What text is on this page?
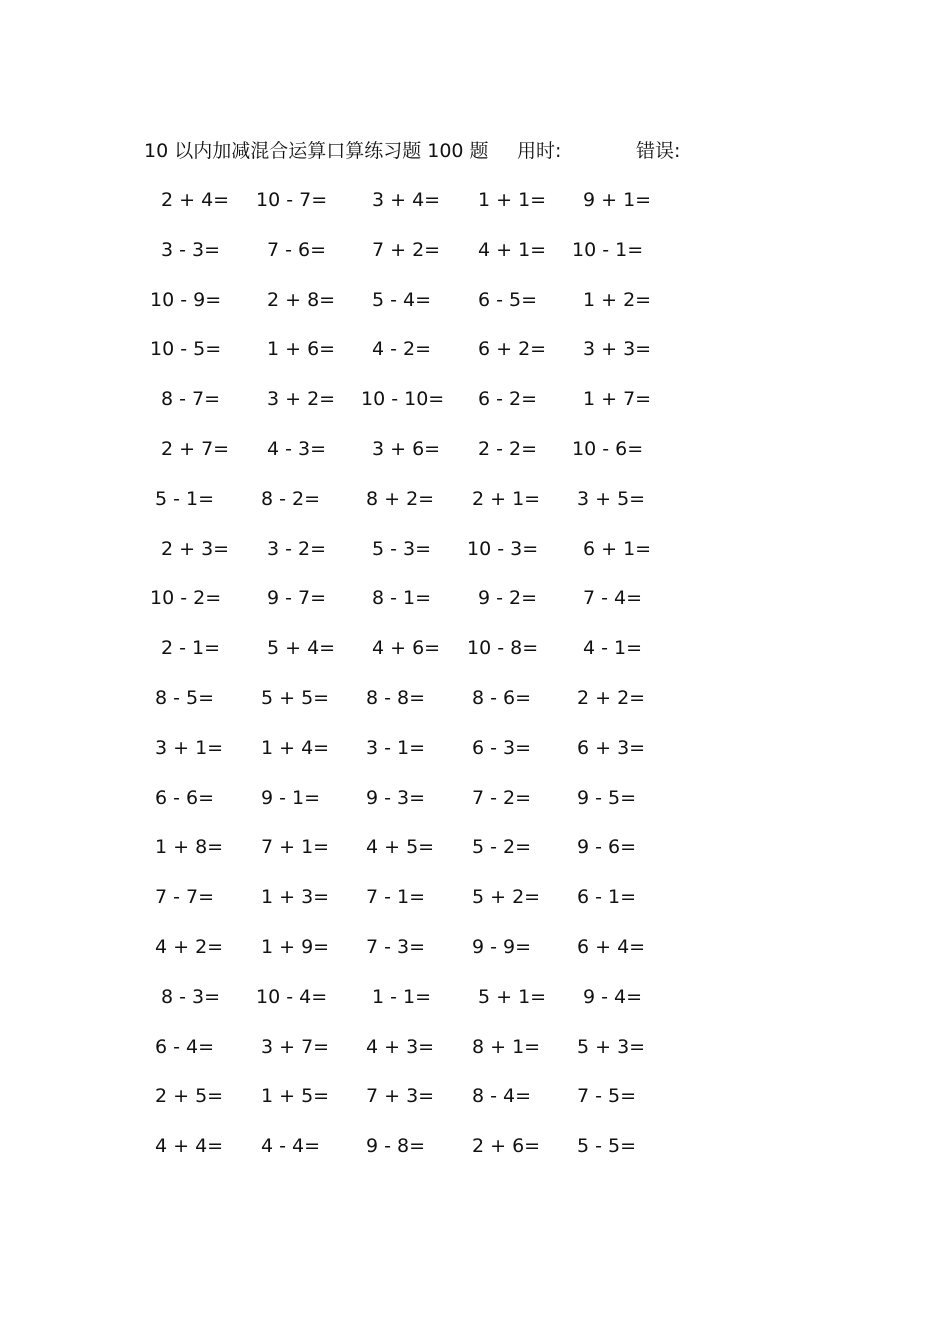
10 以内加减混合运算口算练习题 100 题 用时:	错误:
2 + 4= 10 - 7= 3 + 4= 1 + 1= 9 + 1=
3 - 3= 7 - 6= 7 + 2= 4 + 1= 10 - 1=
10 - 9= 2 + 8= 5 - 4= 6 - 5= 1 + 2=
10 - 5= 1 + 6= 4 - 2= 6 + 2= 3 + 3=
8 - 7= 3 + 2= 10 - 10= 6 - 2= 1 + 7=
2 + 7= 4 - 3= 3 + 6= 2 - 2= 10 - 6=
5 - 1= 8 - 2= 8 + 2= 2 + 1= 3 + 5=
2 + 3= 3 - 2= 5 - 3= 10 - 3= 6 + 1=
10 - 2= 9 - 7= 8 - 1= 9 - 2= 7 - 4=
2 - 1= 5 + 4= 4 + 6= 10 - 8= 4 - 1=
8 - 5= 5 + 5= 8 - 8= 8 - 6= 2 + 2=
3 + 1= 1 + 4= 3 - 1= 6 - 3= 6 + 3=
6 - 6= 9 - 1= 9 - 3= 7 - 2= 9 - 5=
1 + 8= 7 + 1= 4 + 5= 5 - 2= 9 - 6=
7 - 7= 1 + 3= 7 - 1= 5 + 2= 6 - 1=
4 + 2= 1 + 9= 7 - 3= 9 - 9= 6 + 4=
8 - 3= 10 - 4= 1 - 1= 5 + 1= 9 - 4=
6 - 4= 3 + 7= 4 + 3= 8 + 1= 5 + 3=
2 + 5= 1 + 5= 7 + 3= 8 - 4= 7 - 5=
4 + 4= 4 - 4= 9 - 8= 2 + 6= 5 - 5=
